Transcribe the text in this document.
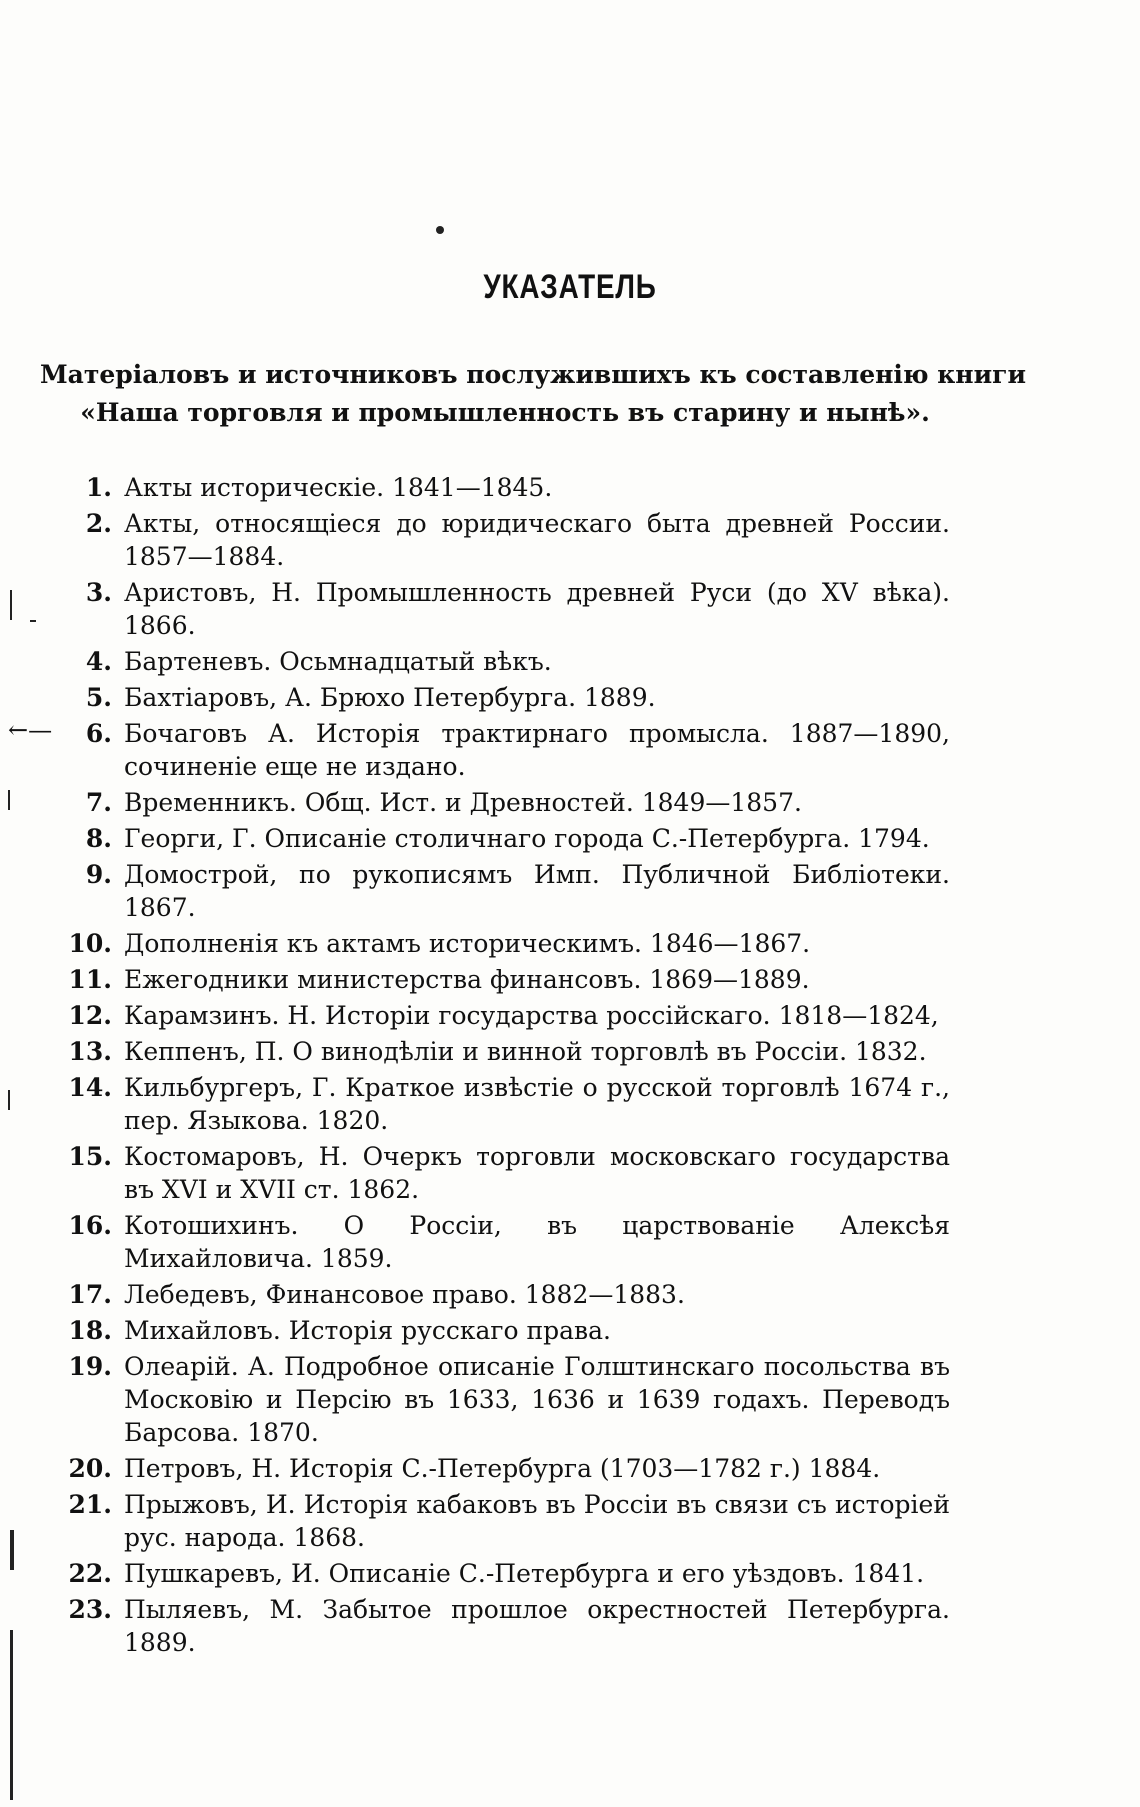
УКАЗАТЕЛЬ
Матеріаловъ и источниковъ послужившихъ къ составленію книги
«Наша торговля и промышленность въ старину и нынѣ».
←—
1. Акты историческіе. 1841—1845.
2. Акты, относящіеся до юридическаго быта древней России. 1857—1884.
3. Аристовъ, Н. Промышленность древней Руси (до XV вѣка). 1866.
4. Бартеневъ. Осьмнадцатый вѣкъ.
5. Бахтіаровъ, А. Брюхо Петербурга. 1889.
6. Бочаговъ А. Исторія трактирнаго промысла. 1887—1890, сочиненіе еще не издано.
7. Временникъ. Общ. Ист. и Древностей. 1849—1857.
8. Георги, Г. Описаніе столичнаго города С.-Петербурга. 1794.
9. Домострой, по рукописямъ Имп. Публичной Библіотеки. 1867.
10. Дополненія къ актамъ историческимъ. 1846—1867.
11. Ежегодники министерства финансовъ. 1869—1889.
12. Карамзинъ. Н. Исторіи государства россійскаго. 1818—1824,
13. Кеппенъ, П. О винодѣліи и винной торговлѣ въ Россіи. 1832.
14. Кильбургеръ, Г. Краткое извѣстіе о русской торговлѣ 1674 г., пер. Языкова. 1820.
15. Костомаровъ, Н. Очеркъ торговли московскаго государства въ XVI и XVII ст. 1862.
16. Котошихинъ. О Россіи, въ царствованіе Алексѣя Михайловича. 1859.
17. Лебедевъ, Финансовое право. 1882—1883.
18. Михайловъ. Исторія русскаго права.
19. Олеарій. А. Подробное описаніе Голштинскаго посольства въ Московію и Персію въ 1633, 1636 и 1639 годахъ. Переводъ Барсова. 1870.
20. Петровъ, Н. Исторія С.-Петербурга (1703—1782 г.) 1884.
21. Прыжовъ, И. Исторія кабаковъ въ Россіи въ связи съ исторіей рус. народа. 1868.
22. Пушкаревъ, И. Описаніе С.-Петербурга и его уѣздовъ. 1841.
23. Пыляевъ, М. Забытое прошлое окрестностей Петербурга. 1889.
